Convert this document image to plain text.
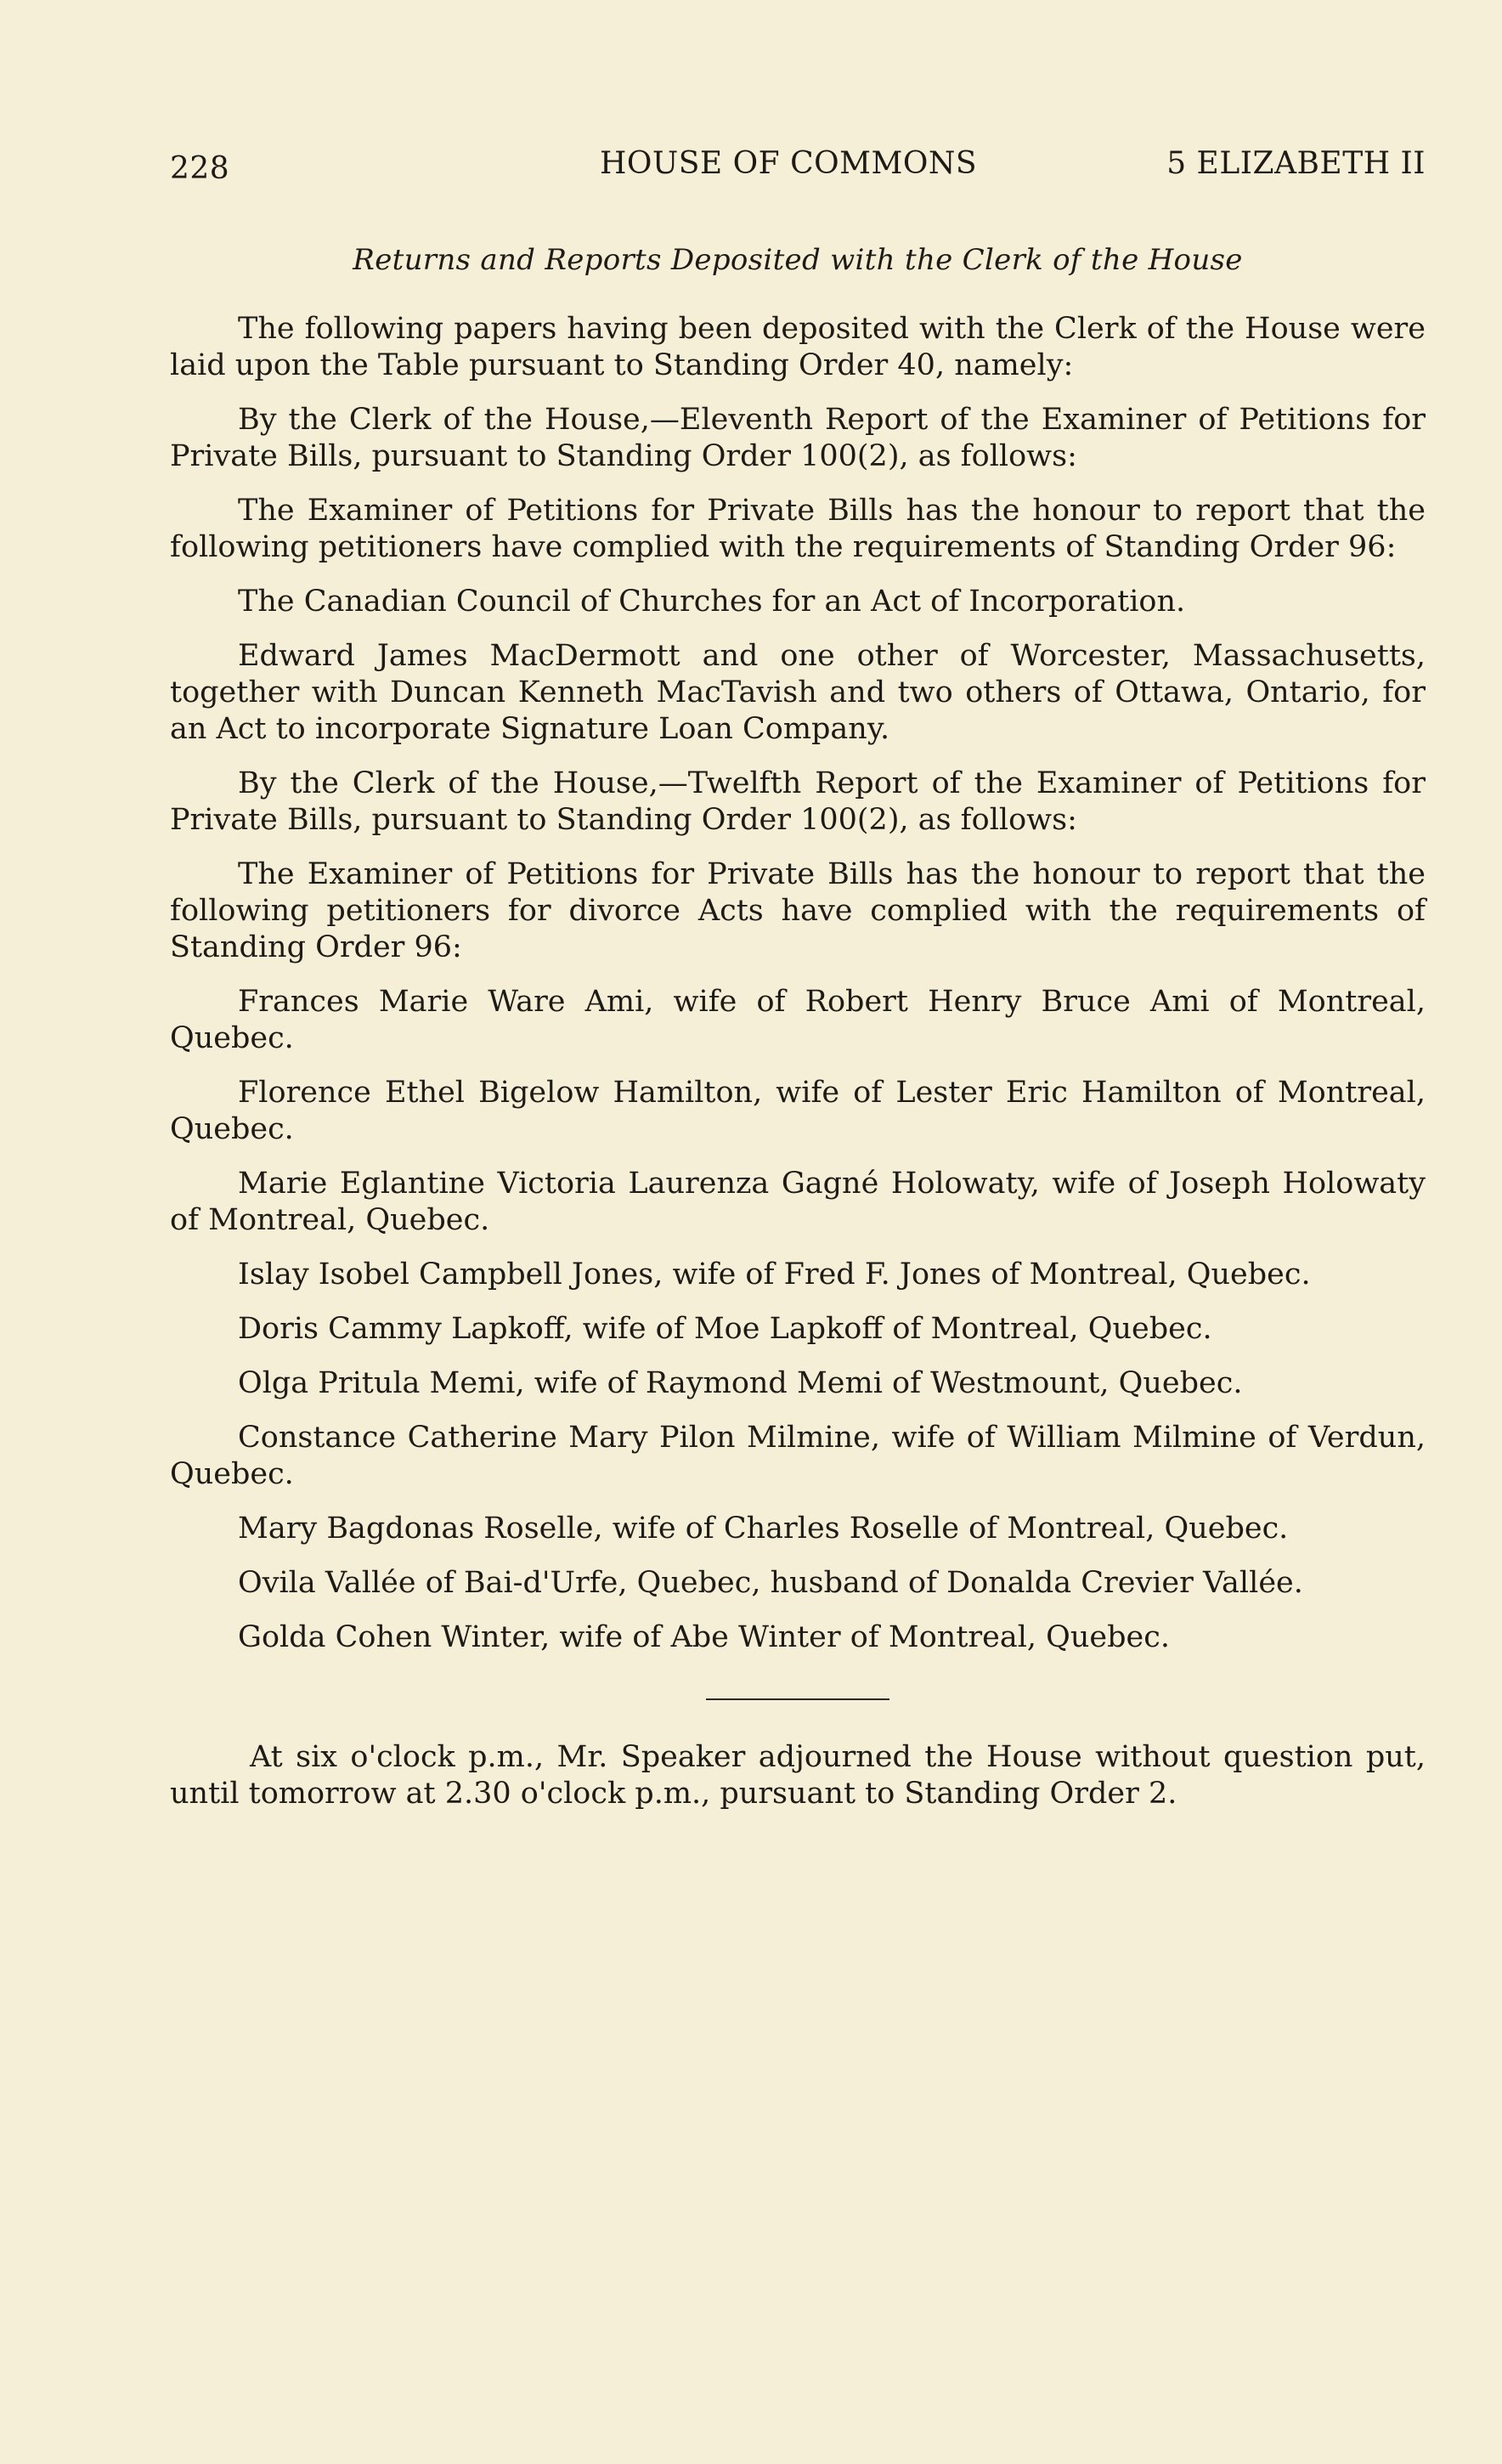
228	HOUSE OF COMMONS	5 ELIZABETH II
Returns and Reports Deposited with the Clerk of the House

The following papers having been deposited with the Clerk of the House were laid upon the Table pursuant to Standing Order 40, namely:

By the Clerk of the House,—Eleventh Report of the Examiner of Petitions for Private Bills, pursuant to Standing Order 100(2), as follows:

The Examiner of Petitions for Private Bills has the honour to report that the following petitioners have complied with the requirements of Standing Order 96:

The Canadian Council of Churches for an Act of Incorporation.

Edward James MacDermott and one other of Worcester, Massachusetts, together with Duncan Kenneth MacTavish and two others of Ottawa, Ontario, for an Act to incorporate Signature Loan Company.

By the Clerk of the House,—Twelfth Report of the Examiner of Petitions for Private Bills, pursuant to Standing Order 100(2), as follows:

The Examiner of Petitions for Private Bills has the honour to report that the following petitioners for divorce Acts have complied with the requirements of Standing Order 96:

Frances Marie Ware Ami, wife of Robert Henry Bruce Ami of Montreal, Quebec.

Florence Ethel Bigelow Hamilton, wife of Lester Eric Hamilton of Montreal, Quebec.

Marie Eglantine Victoria Laurenza Gagné Holowaty, wife of Joseph Holowaty of Montreal, Quebec.

Islay Isobel Campbell Jones, wife of Fred F. Jones of Montreal, Quebec.

Doris Cammy Lapkoff, wife of Moe Lapkoff of Montreal, Quebec.

Olga Pritula Memi, wife of Raymond Memi of Westmount, Quebec.

Constance Catherine Mary Pilon Milmine, wife of William Milmine of Verdun, Quebec.

Mary Bagdonas Roselle, wife of Charles Roselle of Montreal, Quebec.

Ovila Vallée of Bai-d'Urfe, Quebec, husband of Donalda Crevier Vallée.

Golda Cohen Winter, wife of Abe Winter of Montreal, Quebec.

At six o'clock p.m., Mr. Speaker adjourned the House without question put, until tomorrow at 2.30 o'clock p.m., pursuant to Standing Order 2.
